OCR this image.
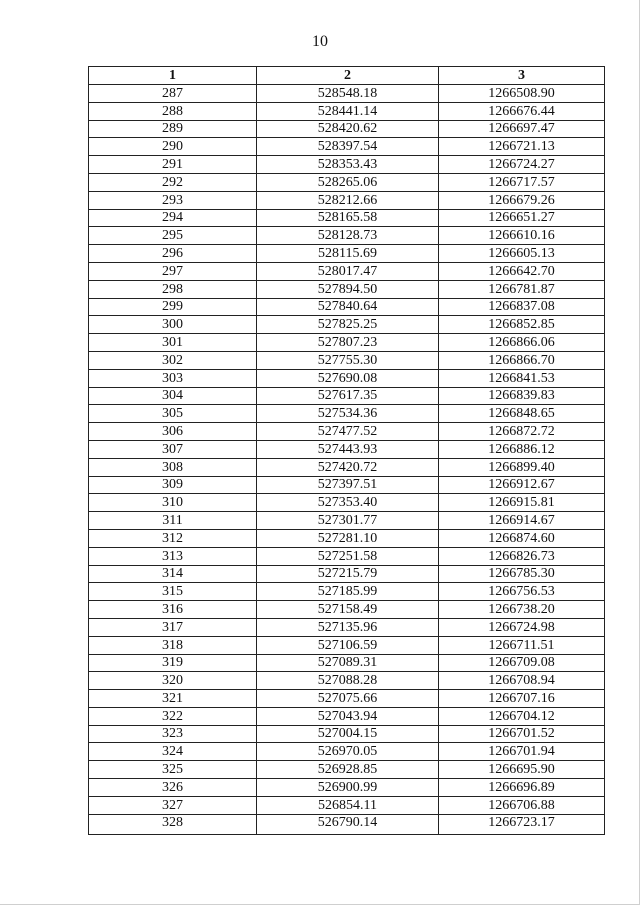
10
1	2	3
287	528548.18	1266508.90
288	528441.14	1266676.44
289	528420.62	1266697.47
290	528397.54	1266721.13
291	528353.43	1266724.27
292	528265.06	1266717.57
293	528212.66	1266679.26
294	528165.58	1266651.27
295	528128.73	1266610.16
296	528115.69	1266605.13
297	528017.47	1266642.70
298	527894.50	1266781.87
299	527840.64	1266837.08
300	527825.25	1266852.85
301	527807.23	1266866.06
302	527755.30	1266866.70
303	527690.08	1266841.53
304	527617.35	1266839.83
305	527534.36	1266848.65
306	527477.52	1266872.72
307	527443.93	1266886.12
308	527420.72	1266899.40
309	527397.51	1266912.67
310	527353.40	1266915.81
311	527301.77	1266914.67
312	527281.10	1266874.60
313	527251.58	1266826.73
314	527215.79	1266785.30
315	527185.99	1266756.53
316	527158.49	1266738.20
317	527135.96	1266724.98
318	527106.59	1266711.51
319	527089.31	1266709.08
320	527088.28	1266708.94
321	527075.66	1266707.16
322	527043.94	1266704.12
323	527004.15	1266701.52
324	526970.05	1266701.94
325	526928.85	1266695.90
326	526900.99	1266696.89
327	526854.11	1266706.88
328	526790.14	1266723.17
